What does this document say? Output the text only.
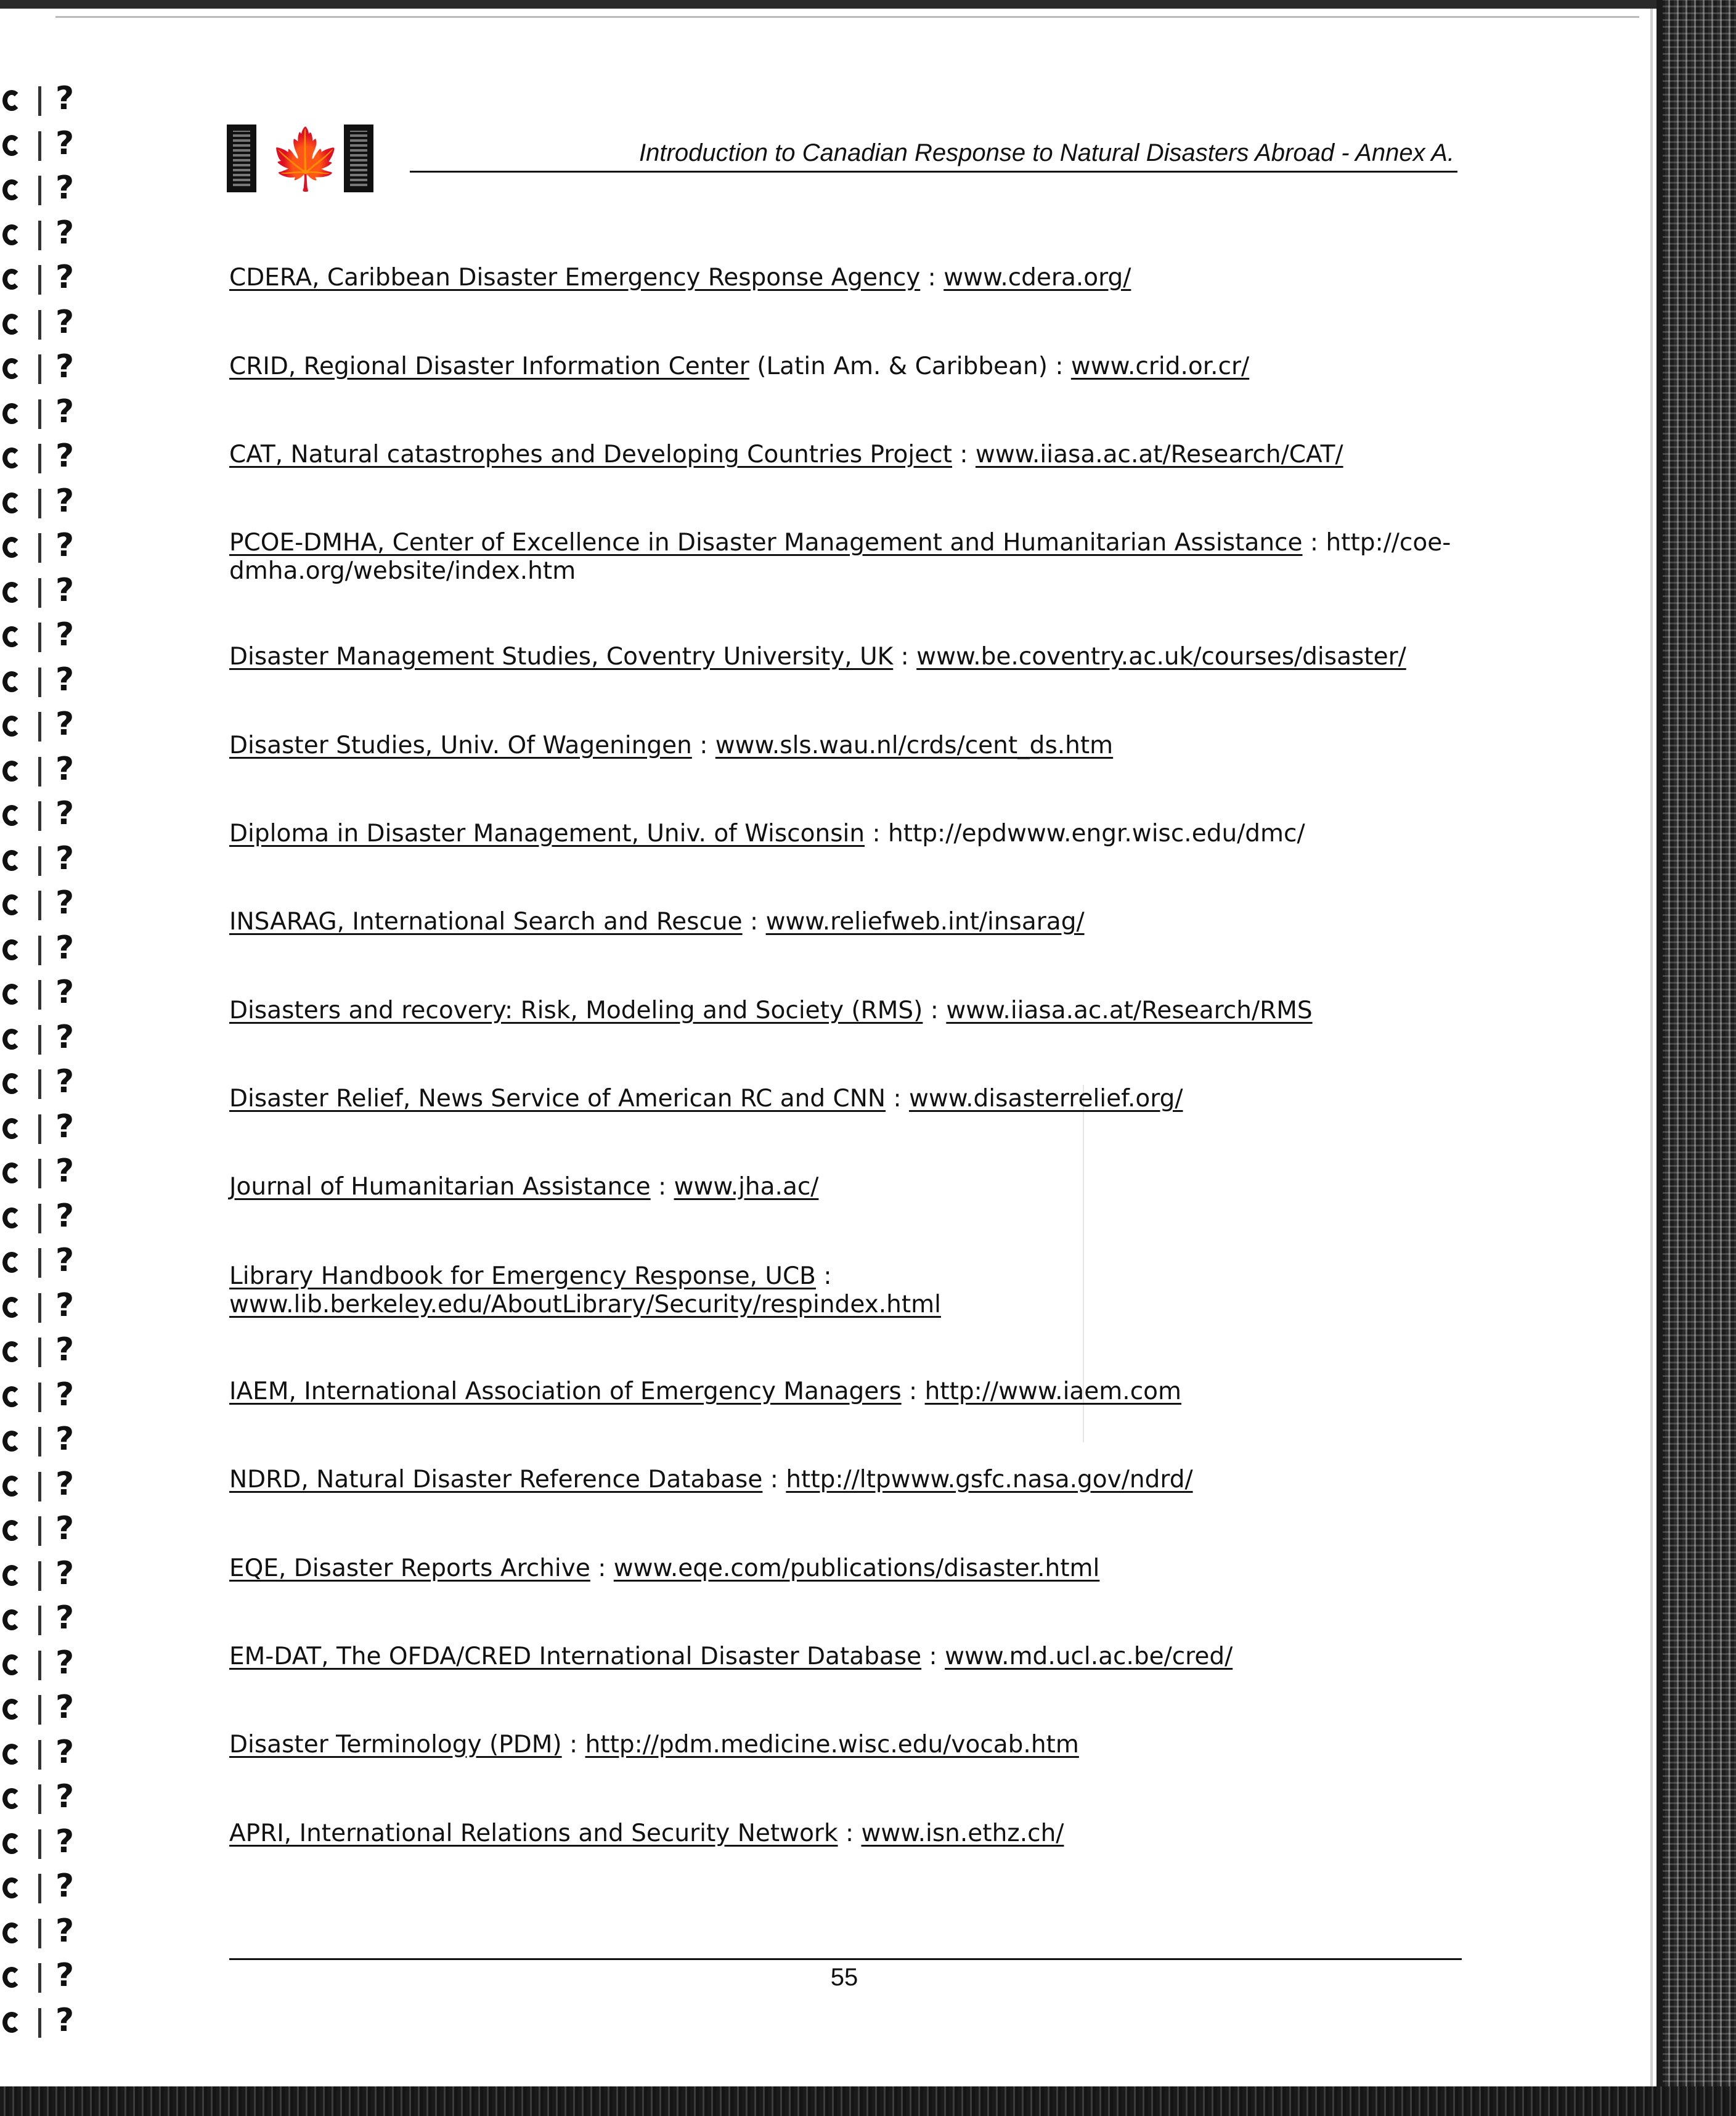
?
?
?
?
?
?
?
?
?
?
?
?
?
?
?
?
?
?
?
?
?
?
?
?
?
?
?
?
?
?
?
?
?
?
?
?
?
?
?
?
?
?
?
?
🍁	Introduction to Canadian Response to Natural Disasters Abroad - Annex A.
CDERA, Caribbean Disaster Emergency Response Agency : www.cdera.org/
CRID, Regional Disaster Information Center (Latin Am. & Caribbean) : www.crid.or.cr/
CAT, Natural catastrophes and Developing Countries Project : www.iiasa.ac.at/Research/CAT/
PCOE-DMHA, Center of Excellence in Disaster Management and Humanitarian Assistance : http://coe-dmha.org/website/index.htm
Disaster Management Studies, Coventry University, UK : www.be.coventry.ac.uk/courses/disaster/
Disaster Studies, Univ. Of Wageningen : www.sls.wau.nl/crds/cent_ds.htm
Diploma in Disaster Management, Univ. of Wisconsin : http://epdwww.engr.wisc.edu/dmc/
INSARAG, International Search and Rescue : www.reliefweb.int/insarag/
Disasters and recovery: Risk, Modeling and Society (RMS) : www.iiasa.ac.at/Research/RMS
Disaster Relief, News Service of American RC and CNN : www.disasterrelief.org/
Journal of Humanitarian Assistance : www.jha.ac/
Library Handbook for Emergency Response, UCB :
www.lib.berkeley.edu/AboutLibrary/Security/respindex.html
IAEM, International Association of Emergency Managers : http://www.iaem.com
NDRD, Natural Disaster Reference Database : http://ltpwww.gsfc.nasa.gov/ndrd/
EQE, Disaster Reports Archive : www.eqe.com/publications/disaster.html
EM-DAT, The OFDA/CRED International Disaster Database : www.md.ucl.ac.be/cred/
Disaster Terminology (PDM) : http://pdm.medicine.wisc.edu/vocab.htm
APRI, International Relations and Security Network : www.isn.ethz.ch/
55
